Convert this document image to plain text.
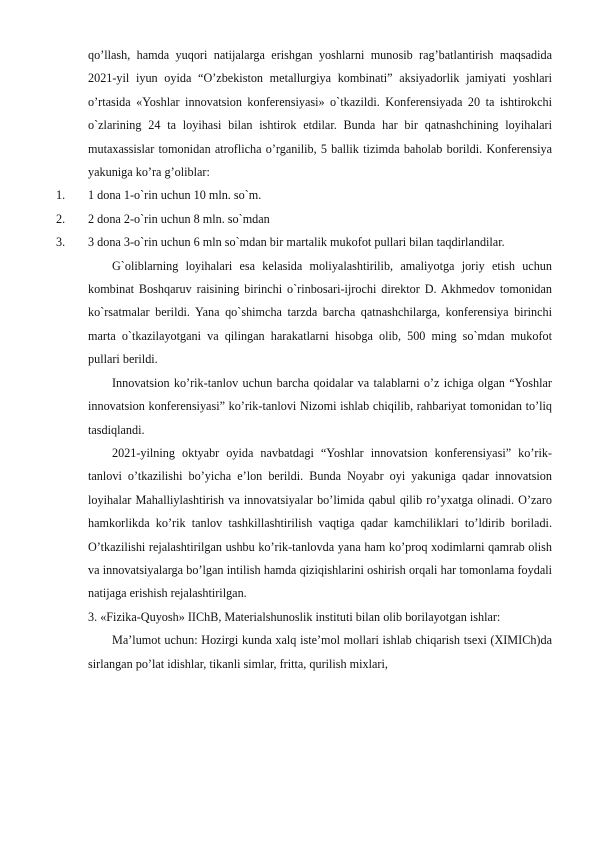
qo’llash, hamda yuqori natijalarga erishgan yoshlarni munosib rag’batlantirish maqsadida 2021-yil iyun oyida “O’zbekiston metallurgiya kombinati” aksiyadorlik jamiyati yoshlari o’rtasida «Yoshlar innovatsion konferensiyasi» o`tkazildi. Konferensiyada 20 ta ishtirokchi o`zlarining 24 ta loyihasi bilan ishtirok etdilar. Bunda har bir qatnashchining loyihalari mutaxassislar tomonidan atroflicha o’rganilib, 5 ballik tizimda baholab borildi. Konferensiya yakuniga ko’ra g’oliblar:

1.	1 dona 1-o`rin uchun 10 mln. so`m.

2.	2 dona 2-o`rin uchun 8 mln. so`mdan

3.	3 dona 3-o`rin uchun 6 mln so`mdan bir martalik mukofot pullari bilan taqdirlandilar.

G`oliblarning loyihalari esa kelasida moliyalashtirilib, amaliyotga joriy etish uchun kombinat Boshqaruv raisining birinchi o`rinbosari-ijrochi direktor D. Akhmedov tomonidan ko`rsatmalar berildi. Yana qo`shimcha tarzda barcha qatnashchilarga, konferensiya birinchi marta o`tkazilayotgani va qilingan harakatlarni hisobga olib, 500 ming so`mdan mukofot pullari berildi.

Innovatsion ko’rik-tanlov uchun barcha qoidalar va talablarni o’z ichiga olgan “Yoshlar innovatsion konferensiyasi” ko’rik-tanlovi Nizomi ishlab chiqilib, rahbariyat tomonidan to’liq tasdiqlandi.

2021-yilning oktyabr oyida navbatdagi “Yoshlar innovatsion konferensiyasi” ko’rik-tanlovi o’tkazilishi bo’yicha e’lon berildi. Bunda Noyabr oyi yakuniga qadar innovatsion loyihalar Mahalliylashtirish va innovatsiyalar bo’limida qabul qilib ro’yxatga olinadi. O’zaro hamkorlikda ko’rik tanlov tashkillashtirilish vaqtiga qadar kamchiliklari to’ldirib boriladi. O’tkazilishi rejalashtirilgan ushbu ko’rik-tanlovda yana ham ko’proq xodimlarni qamrab olish va innovatsiyalarga bo’lgan intilish hamda qiziqishlarini oshirish orqali har tomonlama foydali natijaga erishish rejalashtirilgan.

3. «Fizika-Quyosh» IIChB, Materialshunoslik instituti bilan olib borilayotgan ishlar:

Ma’lumot uchun: Hozirgi kunda xalq iste’mol mollari ishlab chiqarish tsexi (XIMICh)da sirlangan po’lat idishlar, tikanli simlar, fritta, qurilish mixlari,
